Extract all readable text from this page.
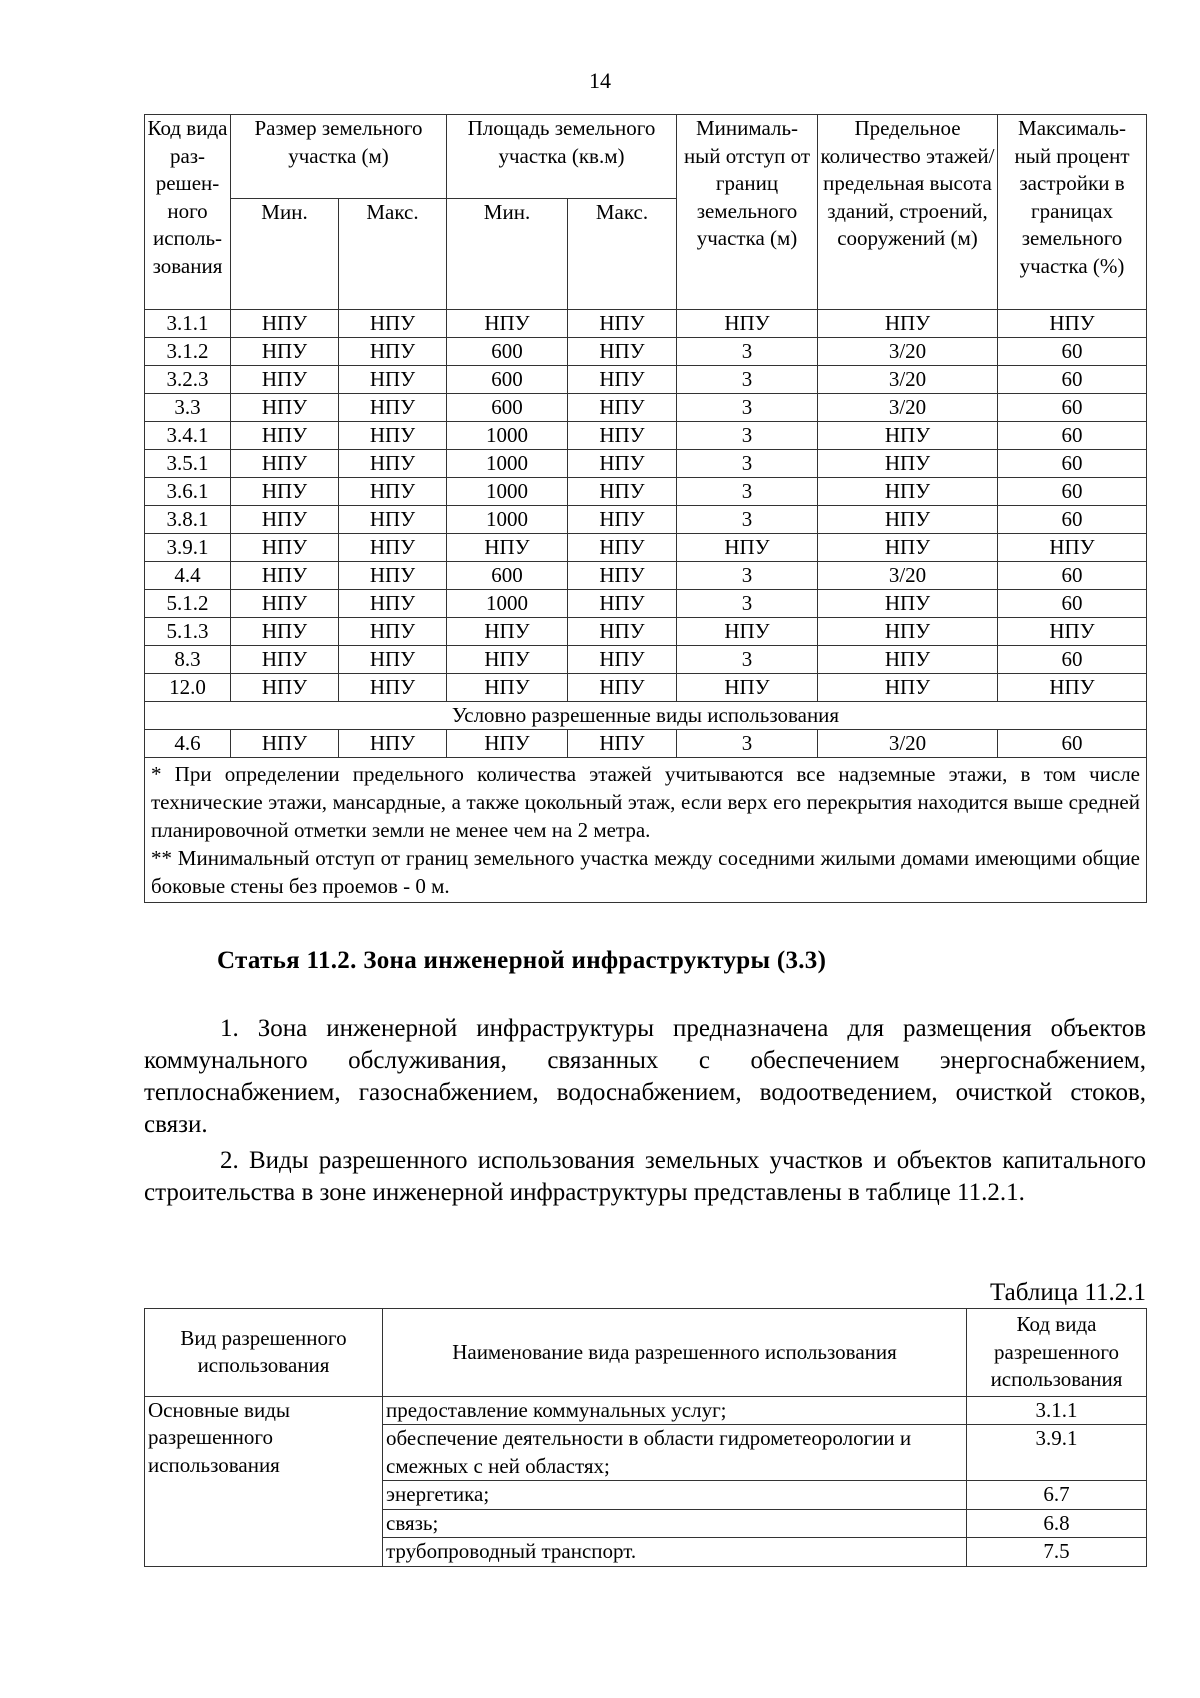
14
Код вида раз- решен- ного исполь- зования	Размер земельного участка (м)		Площадь земельного участка (кв.м)		Минималь- ный отступ от границ земельного участка (м)	Предельное количество этажей/ предельная высота зданий, строений, сооружений (м)	Максималь- ный процент застройки в границах земельного участка (%)
	Мин.	Макс.	Мин.	Макс.			
3.1.1	НПУ	НПУ	НПУ	НПУ	НПУ	НПУ	НПУ
3.1.2	НПУ	НПУ	600	НПУ	3	3/20	60
3.2.3	НПУ	НПУ	600	НПУ	3	3/20	60
3.3	НПУ	НПУ	600	НПУ	3	3/20	60
3.4.1	НПУ	НПУ	1000	НПУ	3	НПУ	60
3.5.1	НПУ	НПУ	1000	НПУ	3	НПУ	60
3.6.1	НПУ	НПУ	1000	НПУ	3	НПУ	60
3.8.1	НПУ	НПУ	1000	НПУ	3	НПУ	60
3.9.1	НПУ	НПУ	НПУ	НПУ	НПУ	НПУ	НПУ
4.4	НПУ	НПУ	600	НПУ	3	3/20	60
5.1.2	НПУ	НПУ	1000	НПУ	3	НПУ	60
5.1.3	НПУ	НПУ	НПУ	НПУ	НПУ	НПУ	НПУ
8.3	НПУ	НПУ	НПУ	НПУ	3	НПУ	60
12.0	НПУ	НПУ	НПУ	НПУ	НПУ	НПУ	НПУ
Условно разрешенные виды использования							
4.6	НПУ	НПУ	НПУ	НПУ	3	3/20	60

* При определении предельного количества этажей учитываются все надземные этажи, в том числе технические этажи, мансардные, а также цокольный этаж, если верх его перекрытия находится выше средней планировочной отметки земли не менее чем на 2 метра.

** Минимальный отступ от границ земельного участка между соседними жилыми домами имеющими общие боковые стены без проемов - 0 м.							

Статья 11.2. Зона инженерной инфраструктуры (3.3)

1. Зона инженерной инфраструктуры предназначена для размещения объектов коммунального обслуживания, связанных с обеспечением энергоснабжением, теплоснабжением, газоснабжением, водоснабжением, водоотведением, очисткой стоков, связи.

2. Виды разрешенного использования земельных участков и объектов капитального строительства в зоне инженерной инфраструктуры представлены в таблице 11.2.1.

Таблица 11.2.1
Вид разрешенного использования	Наименование вида разрешенного использования	Код вида разрешенного использования
Основные виды разрешенного использования	предоставление коммунальных услуг;	3.1.1
	обеспечение деятельности в области гидрометеорологии и смежных с ней областях;	3.9.1
	энергетика;	6.7
	связь;	6.8
	трубопроводный транспорт.	7.5
